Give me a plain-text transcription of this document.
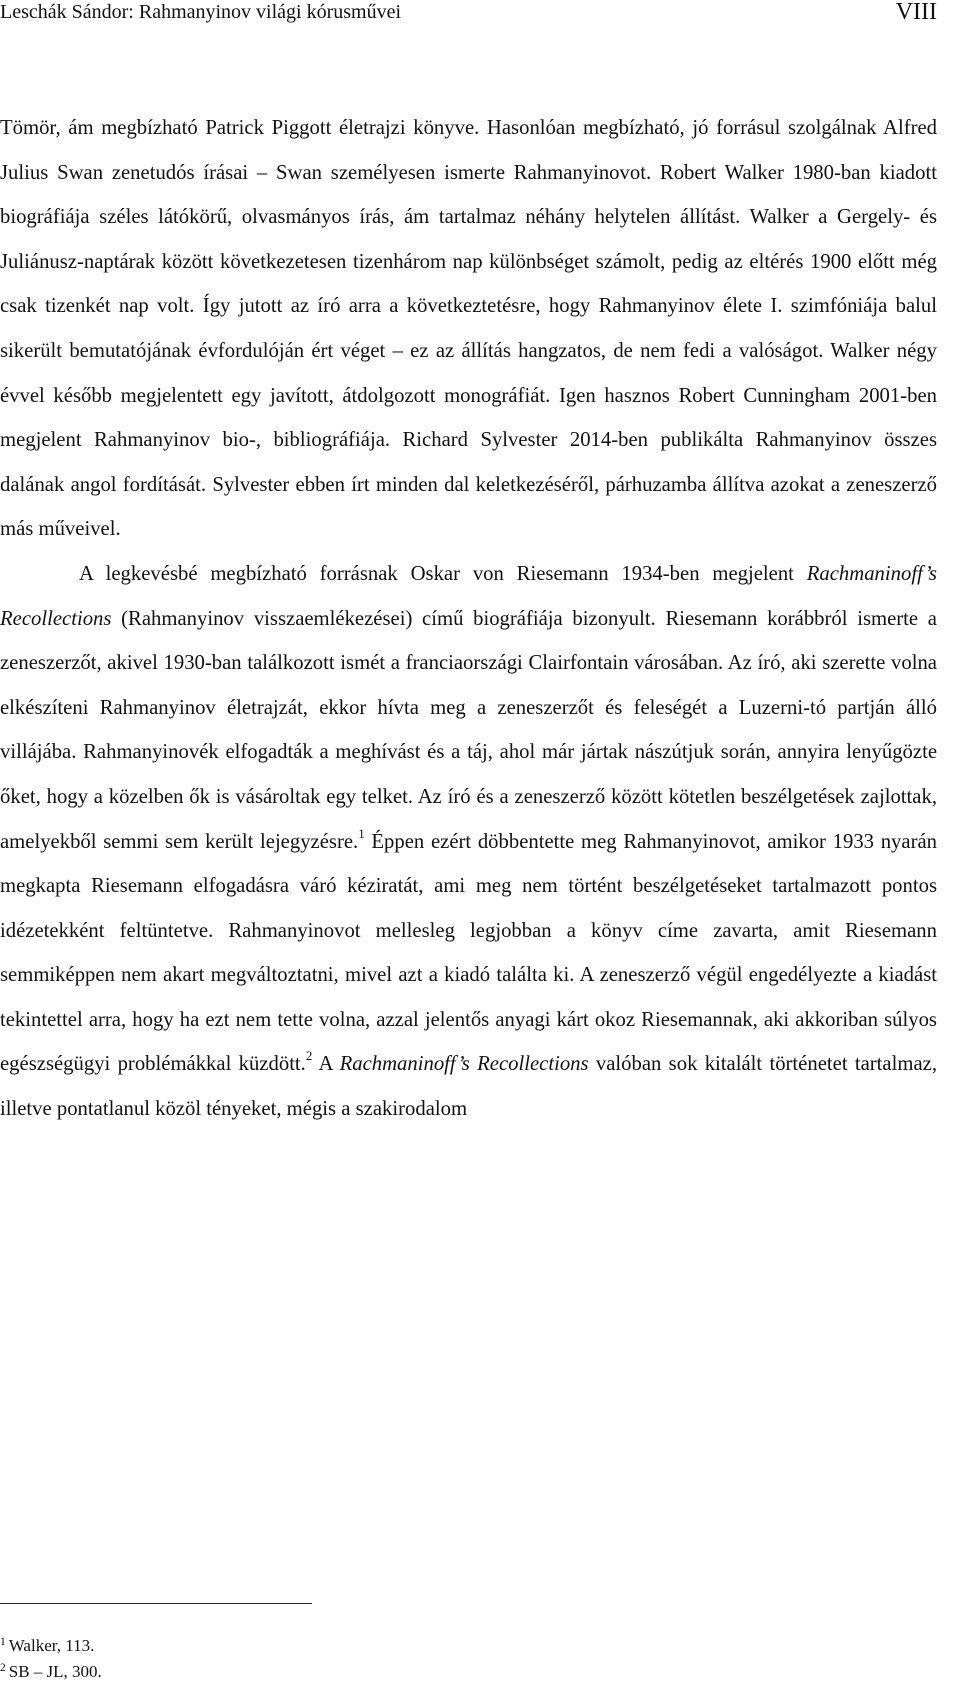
Leschák Sándor: Rahmanyinov világi kórusművei	VIII

Tömör, ám megbízható Patrick Piggott életrajzi könyve. Hasonlóan megbízható, jó forrásul szolgálnak Alfred Julius Swan zenetudós írásai – Swan személyesen ismerte Rahmanyinovot. Robert Walker 1980-ban kiadott biográfiája széles látókörű, olvasmányos írás, ám tartalmaz néhány helytelen állítást. Walker a Gergely- és Juliánusz-naptárak között következetesen tizenhárom nap különbséget számolt, pedig az eltérés 1900 előtt még csak tizenkét nap volt. Így jutott az író arra a következtetésre, hogy Rahmanyinov élete I. szimfóniája balul sikerült bemutatójának évfordulóján ért véget – ez az állítás hangzatos, de nem fedi a valóságot. Walker négy évvel később megjelentett egy javított, átdolgozott monográfiát. Igen hasznos Robert Cunningham 2001-ben megjelent Rahmanyinov bio-, bibliográfiája. Richard Sylvester 2014-ben publikálta Rahmanyinov összes dalának angol fordítását. Sylvester ebben írt minden dal keletkezéséről, párhuzamba állítva azokat a zeneszerző más műveivel.

A legkevésbé megbízható forrásnak Oskar von Riesemann 1934-ben megjelent Rachmaninoff’s Recollections (Rahmanyinov visszaemlékezései) című biográfiája bizonyult. Riesemann korábbról ismerte a zeneszerzőt, akivel 1930-ban találkozott ismét a franciaországi Clairfontain városában. Az író, aki szerette volna elkészíteni Rahmanyinov életrajzát, ekkor hívta meg a zeneszerzőt és feleségét a Luzerni-tó partján álló villájába. Rahmanyinovék elfogadták a meghívást és a táj, ahol már jártak nászútjuk során, annyira lenyűgözte őket, hogy a közelben ők is vásároltak egy telket. Az író és a zeneszerző között kötetlen beszélgetések zajlottak, amelyekből semmi sem került lejegyzésre.$^1$ Éppen ezért döbbentette meg Rahmanyinovot, amikor 1933 nyarán megkapta Riesemann elfogadásra váró kéziratát, ami meg nem történt beszélgetéseket tartalmazott pontos idézetekként feltüntetve. Rahmanyinovot mellesleg legjobban a könyv címe zavarta, amit Riesemann semmiképpen nem akart megváltoztatni, mivel azt a kiadó találta ki. A zeneszerző végül engedélyezte a kiadást tekintettel arra, hogy ha ezt nem tette volna, azzal jelentős anyagi kárt okoz Riesemannak, aki akkoriban súlyos egészségügyi problémákkal küzdött.$^2$ A Rachmaninoff’s Recollections valóban sok kitalált történetet tartalmaz, illetve pontatlanul közöl tényeket, mégis a szakirodalom

$^1$ Walker, 113.

$^2$ SB – JL, 300.
